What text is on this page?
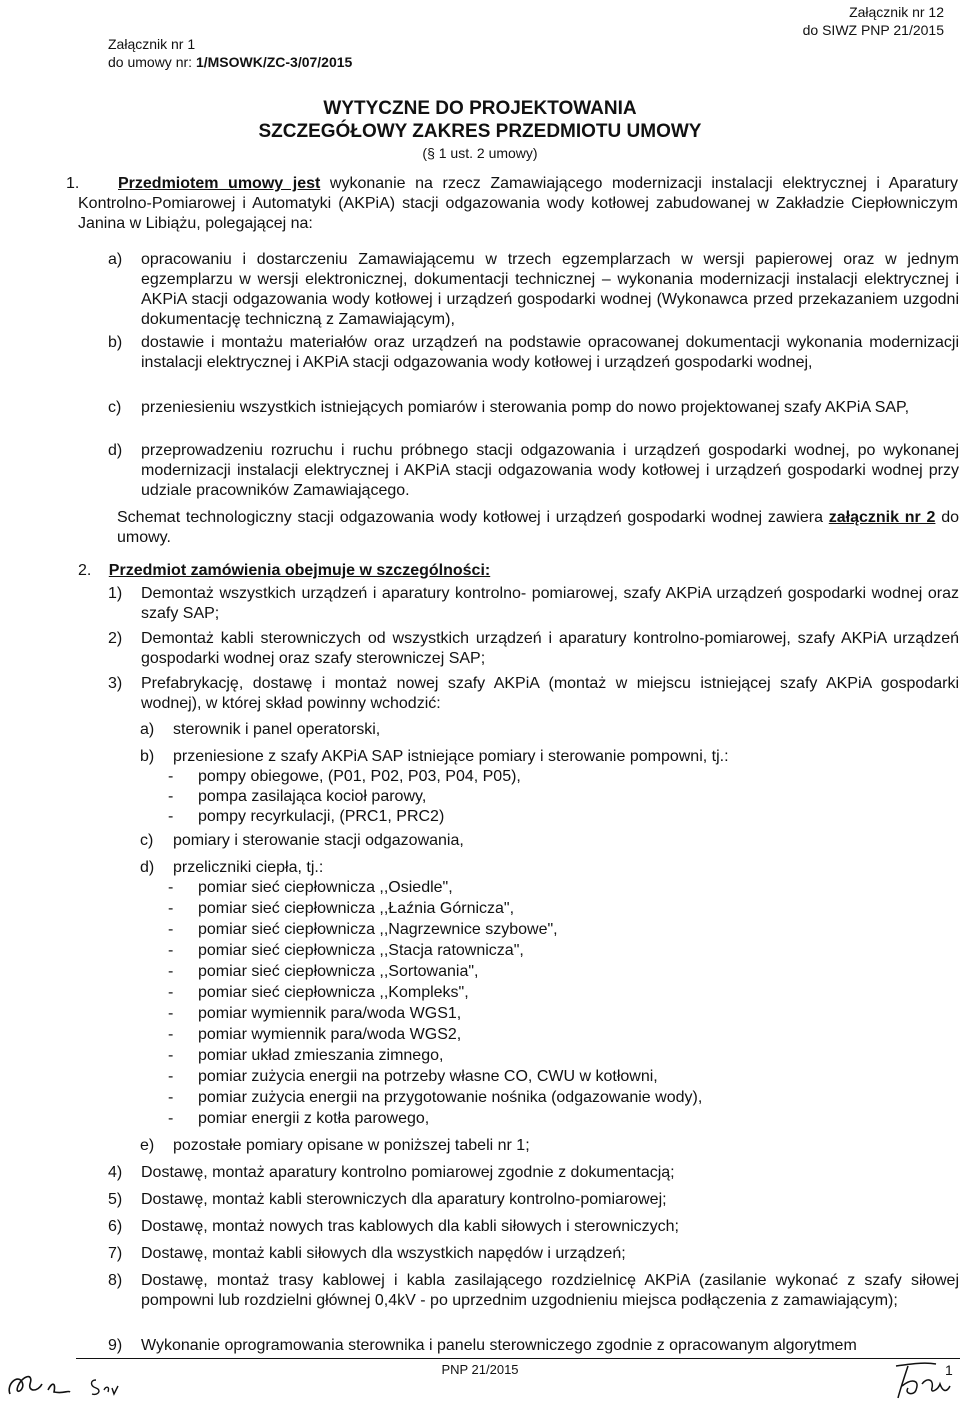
Załącznik nr 1
do umowy nr: 1/MSOWK/ZC-3/07/2015
Załącznik nr 12
do SIWZ PNP 21/2015
WYTYCZNE DO PROJEKTOWANIA
SZCZEGÓŁOWY ZAKRES PRZEDMIOTU UMOWY
(§ 1 ust. 2 umowy)
1. Przedmiotem umowy jest wykonanie na rzecz Zamawiającego modernizacji instalacji elektrycznej i Aparatury Kontrolno-Pomiarowej i Automatyki (AKPiA) stacji odgazowania wody kotłowej zabudowanej w Zakładzie Ciepłowniczym Janina w Libiążu, polegającej na:
a) opracowaniu i dostarczeniu Zamawiającemu w trzech egzemplarzach w wersji papierowej oraz w jednym egzemplarzu w wersji elektronicznej, dokumentacji technicznej – wykonania modernizacji instalacji elektrycznej i AKPiA stacji odgazowania wody kotłowej i urządzeń gospodarki wodnej (Wykonawca przed przekazaniem uzgodni dokumentację techniczną z Zamawiającym),
b) dostawie i montażu materiałów oraz urządzeń na podstawie opracowanej dokumentacji wykonania modernizacji instalacji elektrycznej i AKPiA stacji odgazowania wody kotłowej i urządzeń gospodarki wodnej,
c) przeniesieniu wszystkich istniejących pomiarów i sterowania pomp do nowo projektowanej szafy AKPiA SAP,
d) przeprowadzeniu rozruchu i ruchu próbnego stacji odgazowania i urządzeń gospodarki wodnej, po wykonanej modernizacji instalacji elektrycznej i AKPiA stacji odgazowania wody kotłowej i urządzeń gospodarki wodnej przy udziale pracowników Zamawiającego.
Schemat technologiczny stacji odgazowania wody kotłowej i urządzeń gospodarki wodnej zawiera załącznik nr 2 do umowy.
2. Przedmiot zamówienia obejmuje w szczególności:
1) Demontaż wszystkich urządzeń i aparatury kontrolno- pomiarowej, szafy AKPiA urządzeń gospodarki wodnej oraz szafy SAP;
2) Demontaż kabli sterowniczych od wszystkich urządzeń i aparatury kontrolno-pomiarowej, szafy AKPiA urządzeń gospodarki wodnej oraz szafy sterowniczej SAP;
3) Prefabrykację, dostawę i montaż nowej szafy AKPiA (montaż w miejscu istniejącej szafy AKPiA gospodarki wodnej), w której skład powinny wchodzić:
a) sterownik i panel operatorski,
b) przeniesione z szafy AKPiA SAP istniejące pomiary i sterowanie pompowni, tj.:
- pompy obiegowe, (P01, P02, P03, P04, P05),
- pompa zasilająca kocioł parowy,
- pompy recyrkulacji, (PRC1, PRC2)
c) pomiary i sterowanie stacji odgazowania,
d) przeliczniki ciepła, tj.:
- pomiar sieć ciepłownicza ,,Osiedle",
- pomiar sieć ciepłownicza ,,Łaźnia Górnicza",
- pomiar sieć ciepłownicza ,,Nagrzewnice szybowe",
- pomiar sieć ciepłownicza ,,Stacja ratownicza",
- pomiar sieć ciepłownicza ,,Sortowania",
- pomiar sieć ciepłownicza ,,Kompleks",
- pomiar wymiennik para/woda WGS1,
- pomiar wymiennik para/woda WGS2,
- pomiar układ zmieszania zimnego,
- pomiar zużycia energii na potrzeby własne CO, CWU w kotłowni,
- pomiar zużycia energii na przygotowanie nośnika (odgazowanie wody),
- pomiar energii z kotła parowego,
e) pozostałe pomiary opisane w poniższej tabeli nr 1;
4) Dostawę, montaż aparatury kontrolno pomiarowej zgodnie z dokumentacją;
5) Dostawę, montaż kabli sterowniczych dla aparatury kontrolno-pomiarowej;
6) Dostawę, montaż nowych tras kablowych dla kabli siłowych i sterowniczych;
7) Dostawę, montaż kabli siłowych dla wszystkich napędów i urządzeń;
8) Dostawę, montaż trasy kablowej i kabla zasilającego rozdzielnicę AKPiA (zasilanie wykonać z szafy siłowej pompowni lub rozdzielni głównej 0,4kV - po uprzednim uzgodnieniu miejsca podłączenia z zamawiającym);
9) Wykonanie oprogramowania sterownika i panelu sterowniczego zgodnie z opracowanym algorytmem
PNP 21/2015	1
